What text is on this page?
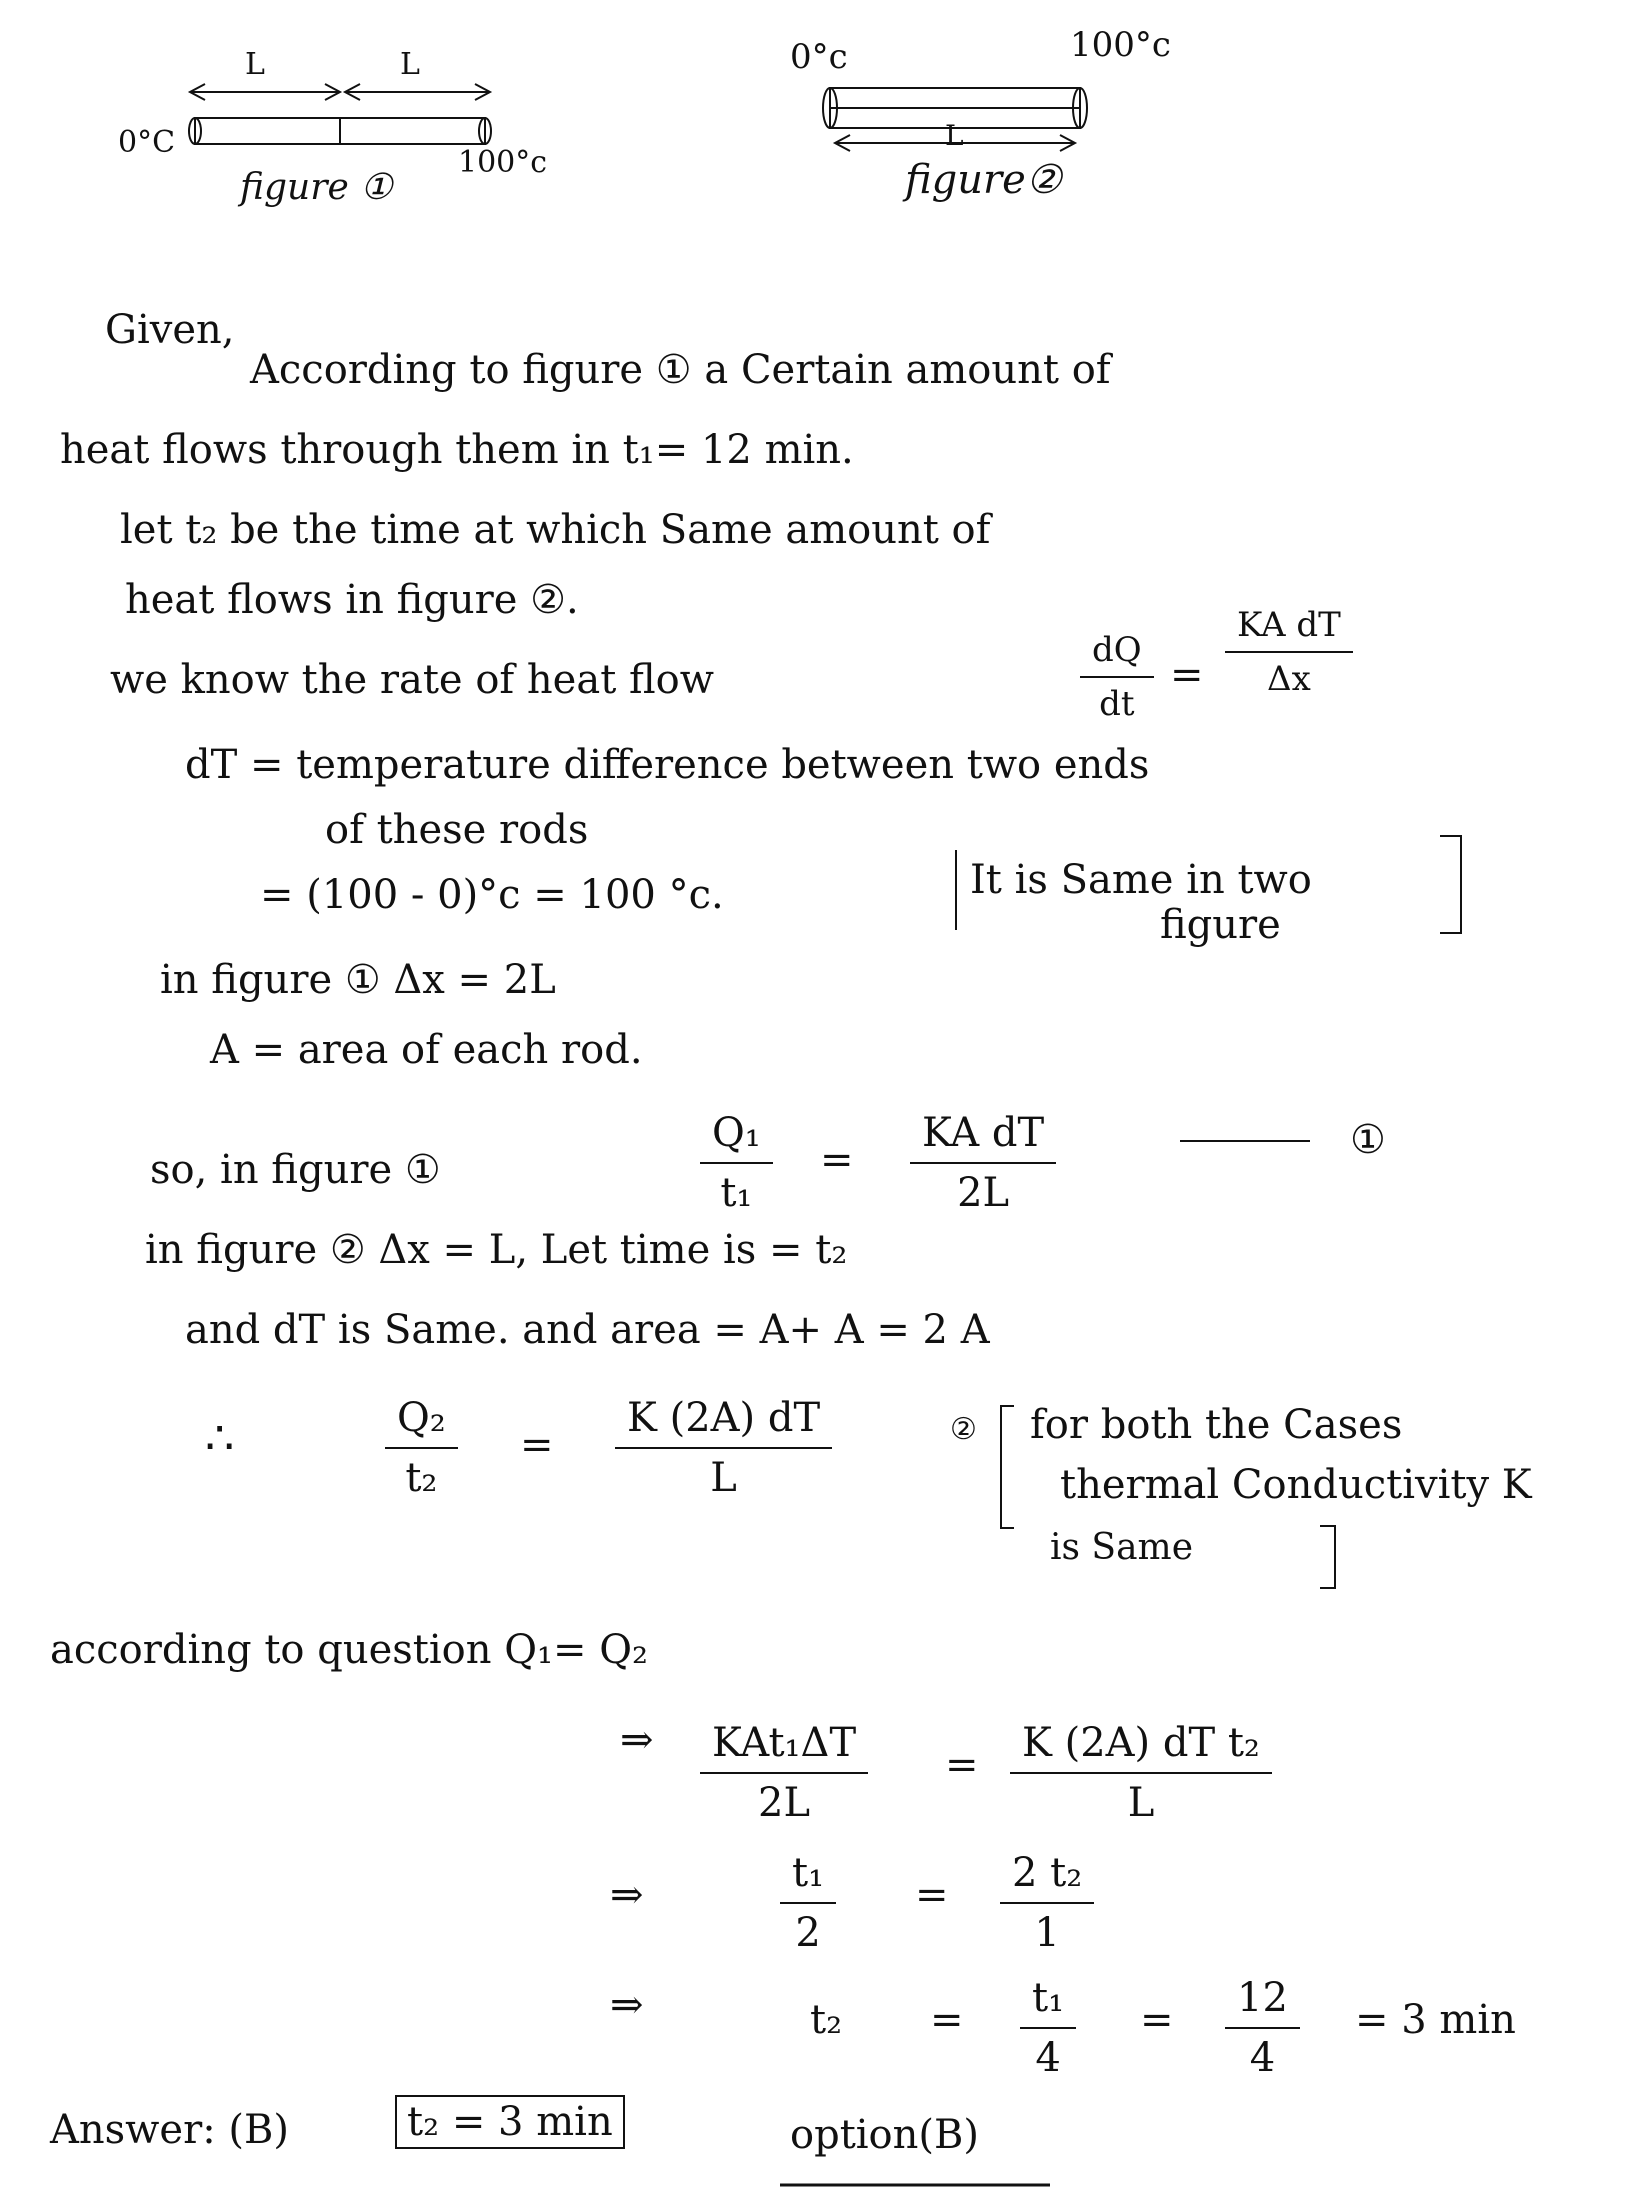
0°C
100°c
L	L
figure ①
0°c	100°c
L
figure②
Given,
According to figure ① a Certain amount of
heat flows through them in t₁= 12 min.
let t₂ be the time at which Same amount of
heat flows in figure ②.
we know the rate of heat flow	$\frac{dQ}{dt} = \frac{\text{KA dT}}{\Delta x}$
dT = temperature difference between two ends
of these rods
= (100 - 0)°c = 100 °c.	It is Same in two
figure
in figure ① Δx = 2L
A = area of each rod.
so, in figure ①	$\frac{\text{Q₁}}{\text{t₁}} = \frac{\text{KA dT}}{2L}$	①
in figure ② Δx = L, Let time is = t₂
and dT is Same. and area = A+ A = 2 A
∴	$\frac{\text{Q₂}}{\text{t₂}} = \frac{K (2A) dT}{L}$	② for both the Cases
thermal Conductivity K
is Same
according to question Q₁= Q₂
⇒	KAt₁ΔT
2L
= $\frac{\text{K (2A) dT t₂}}{L}$
⇒	$\frac{\text{t₁}}{2} = \frac{\text{2 t₂}}{1}$
⇒	$t_2 = \frac{\text{t₁}}{4} = \frac{12}{4} = 3$ min
Answer: (B)	t₂ = 3 min	option(B)
